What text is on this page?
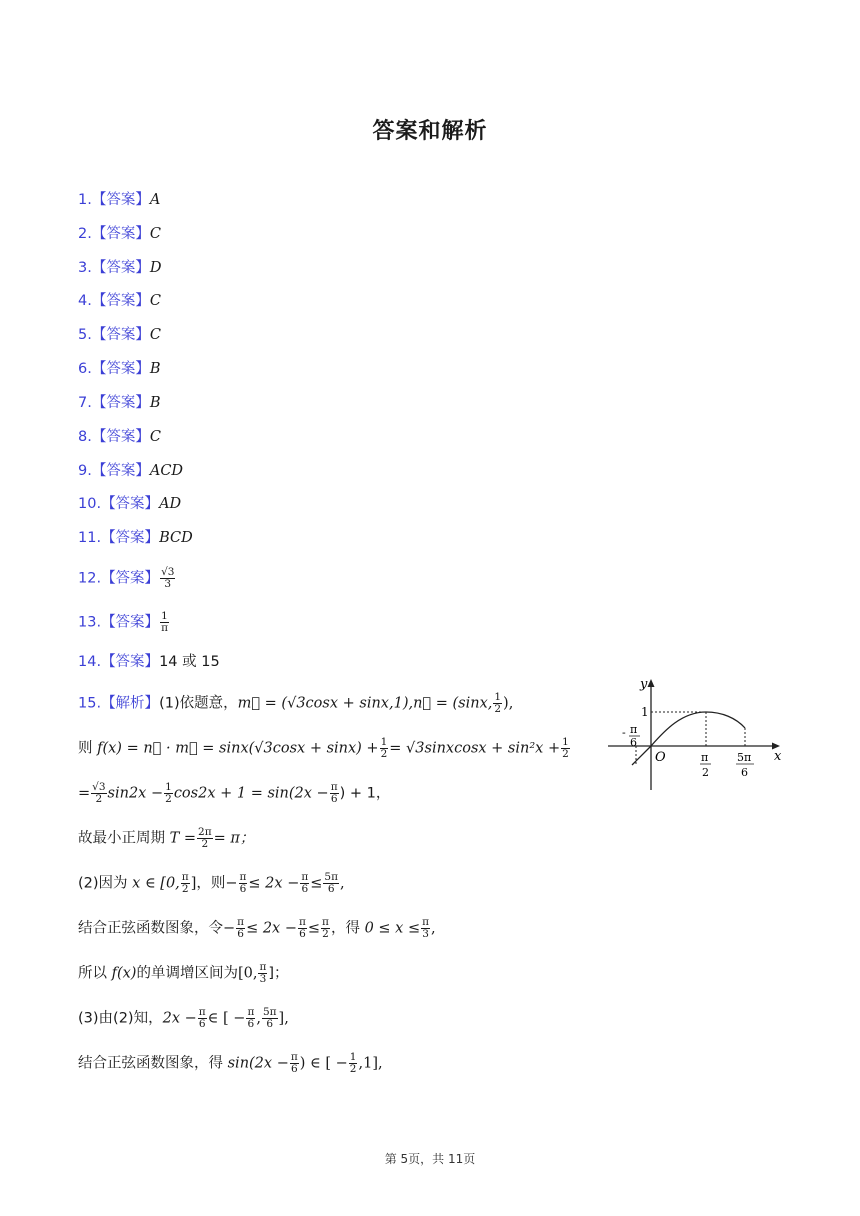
答案和解析
1.【答案】A
2.【答案】C
3.【答案】D
4.【答案】C
5.【答案】C
6.【答案】B
7.【答案】B
8.【答案】C
9.【答案】ACD
10.【答案】AD
11.【答案】BCD
12.【答案】 $\frac{√3}{3}$
13.【答案】 $\frac{1}{\pi}$
14.【答案】14 或 15
15.【解析】(1)依题意，m⃗ = (√3cosx + sinx,1),n⃗ = (sinx, $\frac{1}{2}$ ),
则 f(x) = n⃗ · m⃗ = $\sin x(√3\cos x + \sin x) + \frac{1}{2}$ = √3sinxcosx + $\sin^2x + \frac{1}{2}$
= $\frac{√3}{2} \sin 2x - \frac{1}{2} \cos 2x + 1 = \sin(2x - \frac{\pi}{6}$ ) + 1，
故最小正周期 $T = \frac{2\pi}{2} = \pi$；
(2)因为 x ∈ [0, $\frac{\pi}{2}$ ]，则− $\frac{\pi}{6} \le 2x - \frac{\pi}{6} \le \frac{5\pi}{6}$ ,
结合正弦函数图象，令− $\frac{\pi}{6} \le 2x - \frac{\pi}{6} \le \frac{\pi}{2}$ ，得 $0 \le x \le \frac{\pi}{3}$ ,
所以 f(x)的单调增区间为[0, $\frac{\pi}{3}$ ]；
(3)由(2)知，$2x - \frac{\pi}{6}$ ∈ [ − $\frac{\pi}{6}$ , $\frac{5\pi}{6}$ ],
结合正弦函数图象，得 $\sin(2x - \frac{\pi}{6}$ ) ∈ [ − $\frac{1}{2} ,1$],
y
x
O
1
- π
6
π
2
5π
6
第 5页，共 11页
